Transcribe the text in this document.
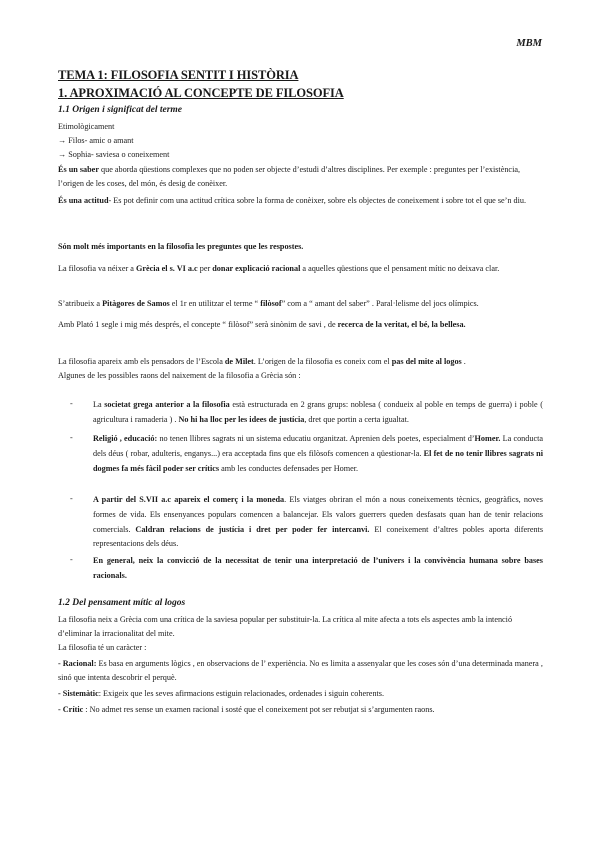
MBM
TEMA 1: FILOSOFIA SENTIT I HISTÒRIA
1. APROXIMACIÓ AL CONCEPTE DE FILOSOFIA
1.1 Origen i significat del terme
Etimològicament
→ Filos- amic o amant
→ Sophia- saviesa o coneixement
És un saber que aborda qüestions complexes que no poden ser objecte d’estudi d’altres disciplines. Per exemple : preguntes per l’existència, l’origen de les coses, del món, és desig de conèixer.
És una actitud- Es pot definir com una actitud crítica sobre la forma de conèixer, sobre els objectes de coneixement i sobre tot el que se’n diu.
Són molt més importants en la filosofia les preguntes que les respostes.
La filosofia va néixer a Grècia el s. VI a.c per donar explicació racional a aquelles qüestions que el pensament mític no deixava clar.
S’atribueix a Pitàgores de Samos el 1r en utilitzar el terme “ filòsof” com a “ amant del saber” . Paral·lelisme del jocs olímpics.
Amb Plató 1 segle i mig més després, el concepte “ filòsof” serà sinònim de savi , de recerca de la veritat, el bé, la bellesa.
La filosofia apareix amb els pensadors de l’Escola de Milet. L’origen de la filosofia es coneix com el pas del mite al logos .
Algunes de les possibles raons del naixement de la filosofia a Grècia són :
- La societat grega anterior a la filosofia està estructurada en 2 grans grups: noblesa ( condueix al poble en temps de guerra) i poble ( agricultura i ramaderia ) . No hi ha lloc per les idees de justícia, dret que portin a certa igualtat.
- Religió , educació: no tenen llibres sagrats ni un sistema educatiu organitzat. Aprenien dels poetes, especialment d’Homer. La conducta dels déus ( robar, adulteris, enganys...) era acceptada fins que els filòsofs comencen a qüestionar-la. El fet de no tenir llibres sagrats ni dogmes fa més fàcil poder ser crítics amb les conductes defensades per Homer.
- A partir del S.VII a.c apareix el comerç i la moneda. Els viatges obriran el món a nous coneixements tècnics, geogràfics, noves formes de vida. Els ensenyances populars comencen a balancejar. Els valors guerrers queden desfasats quan han de tenir relacions comercials. Caldran relacions de justícia i dret per poder fer intercanvi. El coneixement d’altres pobles aporta diferents representacions dels déus.
- En general, neix la convicció de la necessitat de tenir una interpretació de l’univers i la convivència humana sobre bases racionals.
1.2 Del pensament mític al logos
La filosofia neix a Grècia com una crítica de la saviesa popular per substituir-la. La crítica al mite afecta a tots els aspectes amb la intenció d’eliminar la irracionalitat del mite.
La filosofia té un caràcter :
- Racional: Es basa en arguments lògics , en observacions de l’ experiència. No es limita a assenyalar que les coses són d’una determinada manera , sinó que intenta descobrir el perquè.
- Sistemàtic: Exigeix que les seves afirmacions estiguin relacionades, ordenades i siguin coherents.
- Crític : No admet res sense un examen racional i sosté que el coneixement pot ser rebutjat si s’argumenten raons.
